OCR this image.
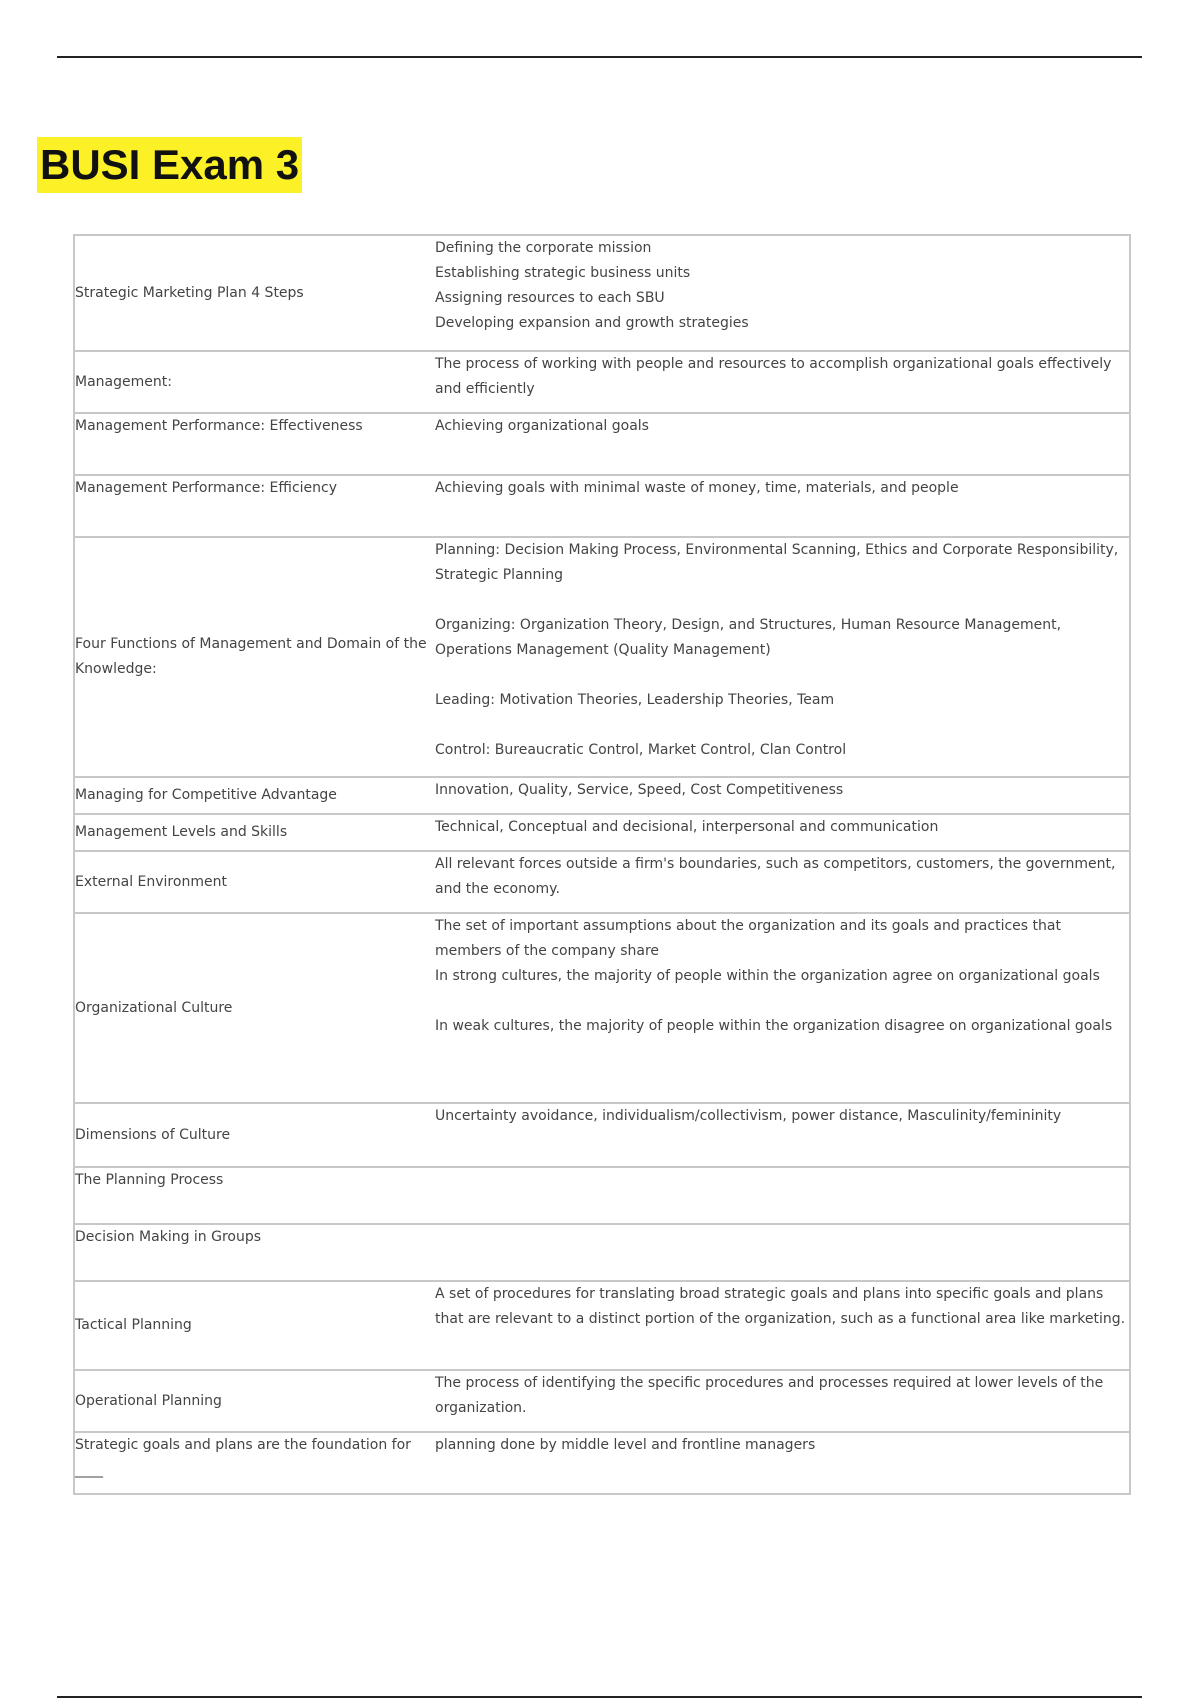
BUSI Exam 3
Strategic Marketing Plan 4 Steps	Defining the corporate mission

Establishing strategic business units

Assigning resources to each SBU

Developing expansion and growth strategies

Management:	The process of working with people and resources to accomplish organizational goals effectively and efficiently

Management Performance: Effectiveness	Achieving organizational goals

Management Performance: Efficiency	Achieving goals with minimal waste of money, time, materials, and people

Four Functions of Management and Domain of the Knowledge:	Planning: Decision Making Process, Environmental Scanning, Ethics and Corporate Responsibility, Strategic Planning

Organizing: Organization Theory, Design, and Structures, Human Resource Management, Operations Management (Quality Management)

Leading: Motivation Theories, Leadership Theories, Team

Control: Bureaucratic Control, Market Control, Clan Control

Managing for Competitive Advantage	Innovation, Quality, Service, Speed, Cost Competitiveness

Management Levels and Skills	Technical, Conceptual and decisional, interpersonal and communication

External Environment	All relevant forces outside a firm's boundaries, such as competitors, customers, the government, and the economy.

Organizational Culture	The set of important assumptions about the organization and its goals and practices that members of the company share

In strong cultures, the majority of people within the organization agree on organizational goals

In weak cultures, the majority of people within the organization disagree on organizational goals

Dimensions of Culture	Uncertainty avoidance, individualism/collectivism, power distance, Masculinity/femininity

The Planning Process	
Decision Making in Groups	
Tactical Planning	A set of procedures for translating broad strategic goals and plans into specific goals and plans that are relevant to a distinct portion of the organization, such as a functional area like marketing.

Operational Planning	The process of identifying the specific procedures and processes required at lower levels of the organization.

Strategic goals and plans are the foundation for ____	planning done by middle level and frontline managers
